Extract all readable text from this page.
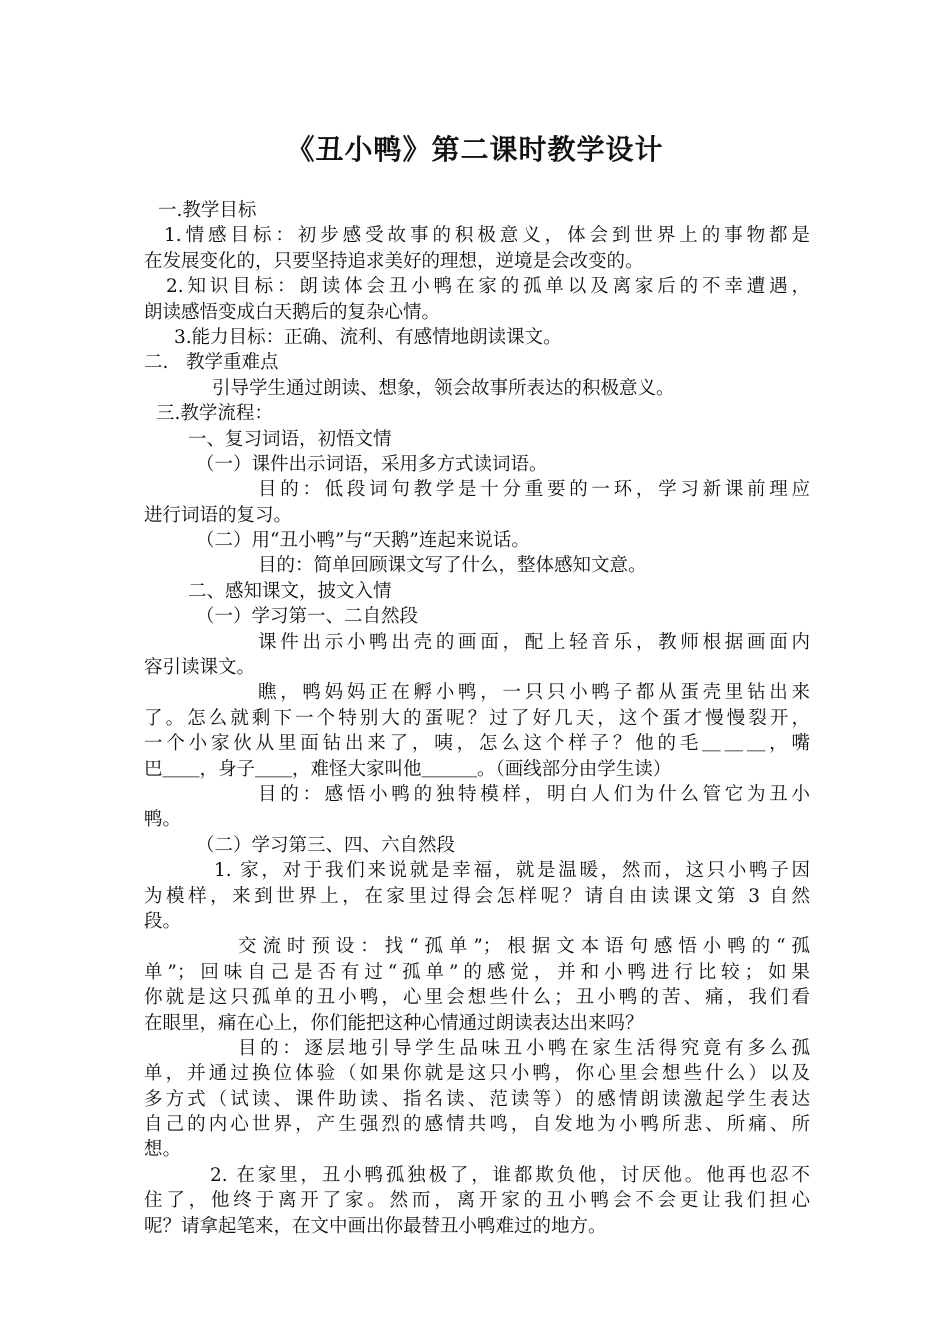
《丑小鸭》第二课时教学设计
一.教学目标
1.情感目标：初步感受故事的积极意义，体会到世界上的事物都是
在发展变化的，只要坚持追求美好的理想，逆境是会改变的。
2.知识目标：朗读体会丑小鸭在家的孤单以及离家后的不幸遭遇，
朗读感悟变成白天鹅后的复杂心情。
3.能力目标：正确、流利、有感情地朗读课文。
二.   教学重难点
引导学生通过朗读、想象，领会故事所表达的积极意义。
三.教学流程：
一、复习词语，初悟文情
（一）课件出示词语，采用多方式读词语。
目的：低段词句教学是十分重要的一环，学习新课前理应
进行词语的复习。
（二）用“丑小鸭”与“天鹅”连起来说话。
目的：简单回顾课文写了什么，整体感知文意。
二、感知课文，披文入情
（一）学习第一、二自然段
课件出示小鸭出壳的画面，配上轻音乐，教师根据画面内
容引读课文。
瞧，鸭妈妈正在孵小鸭，一只只小鸭子都从蛋壳里钻出来
了。怎么就剩下一个特别大的蛋呢？过了好几天，这个蛋才慢慢裂开，
一个小家伙从里面钻出来了，咦，怎么这个样子？他的毛＿＿＿，嘴
巴＿＿，身子＿＿，难怪大家叫他＿＿＿。（画线部分由学生读）
目的：感悟小鸭的独特模样，明白人们为什么管它为丑小
鸭。
（二）学习第三、四、六自然段
1. 家，对于我们来说就是幸福，就是温暖，然而，这只小鸭子因
为模样，来到世界上，在家里过得会怎样呢？请自由读课文第 3 自然
段。
交流时预设：找“孤单”；根据文本语句感悟小鸭的“孤
单”；回味自己是否有过“孤单”的感觉，并和小鸭进行比较；如果
你就是这只孤单的丑小鸭，心里会想些什么；丑小鸭的苦、痛，我们看
在眼里，痛在心上，你们能把这种心情通过朗读表达出来吗？
目的：逐层地引导学生品味丑小鸭在家生活得究竟有多么孤
单，并通过换位体验（如果你就是这只小鸭，你心里会想些什么）以及
多方式（试读、课件助读、指名读、范读等）的感情朗读激起学生表达
自己的内心世界，产生强烈的感情共鸣，自发地为小鸭所悲、所痛、所
想。
2. 在家里，丑小鸭孤独极了，谁都欺负他，讨厌他。他再也忍不
住了，他终于离开了家。然而，离开家的丑小鸭会不会更让我们担心
呢？请拿起笔来，在文中画出你最替丑小鸭难过的地方。
